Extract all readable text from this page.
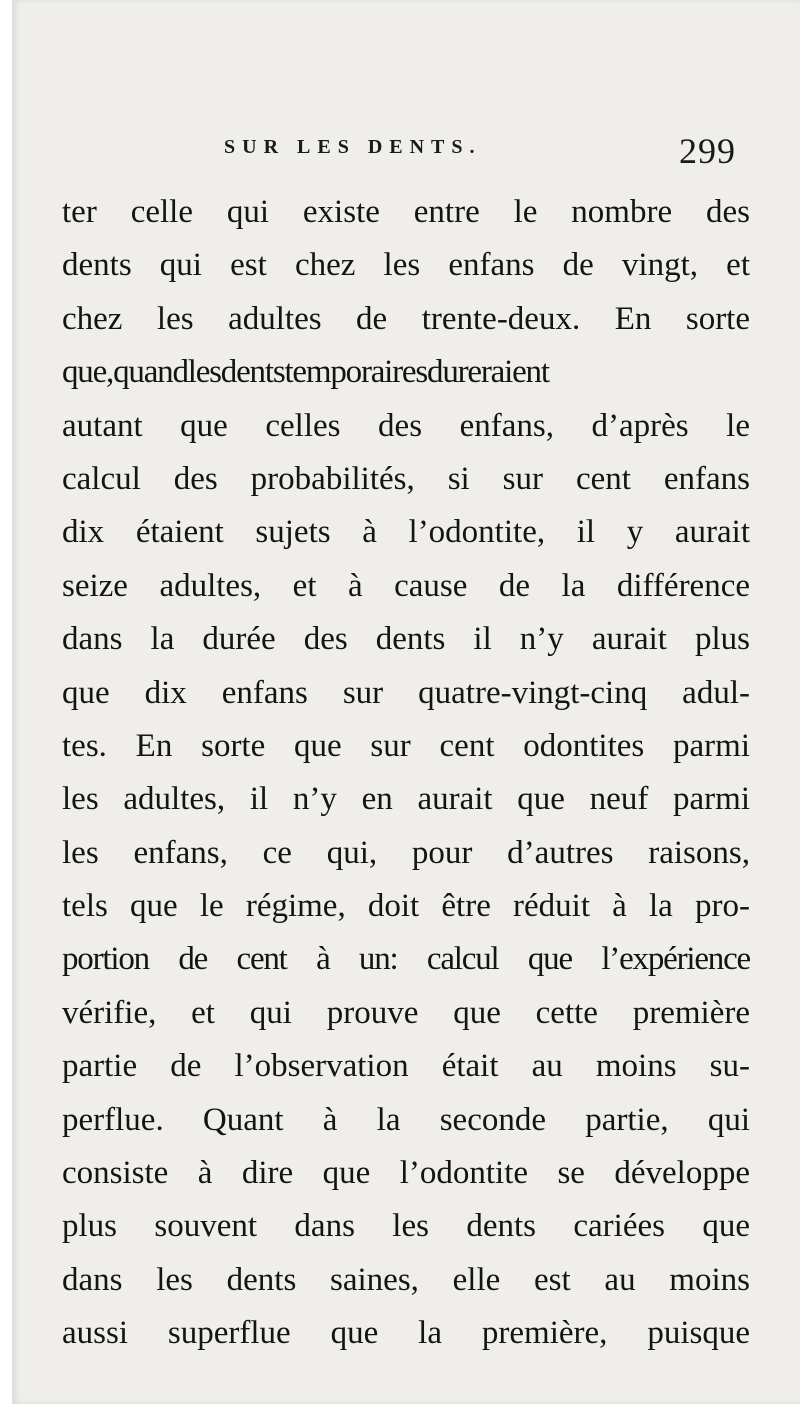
SUR LES DENTS.	299
ter celle qui existe entre le nombre des
dents qui est chez les enfans de vingt, et
chez les adultes de trente-deux. En sorte
que,quandlesdentstemporairesdureraient
autant que celles des enfans, d’après le
calcul des probabilités, si sur cent enfans
dix étaient sujets à l’odontite, il y aurait
seize adultes, et à cause de la différence
dans la durée des dents il n’y aurait plus
que dix enfans sur quatre-vingt-cinq adul-
tes. En sorte que sur cent odontites parmi
les adultes, il n’y en aurait que neuf parmi
les enfans, ce qui, pour d’autres raisons,
tels que le régime, doit être réduit à la pro-
portion de cent à un: calcul que l’expérience
vérifie, et qui prouve que cette première
partie de l’observation était au moins su-
perflue. Quant à la seconde partie, qui
consiste à dire que l’odontite se développe
plus souvent dans les dents cariées que
dans les dents saines, elle est au moins
aussi superflue que la première, puisque
